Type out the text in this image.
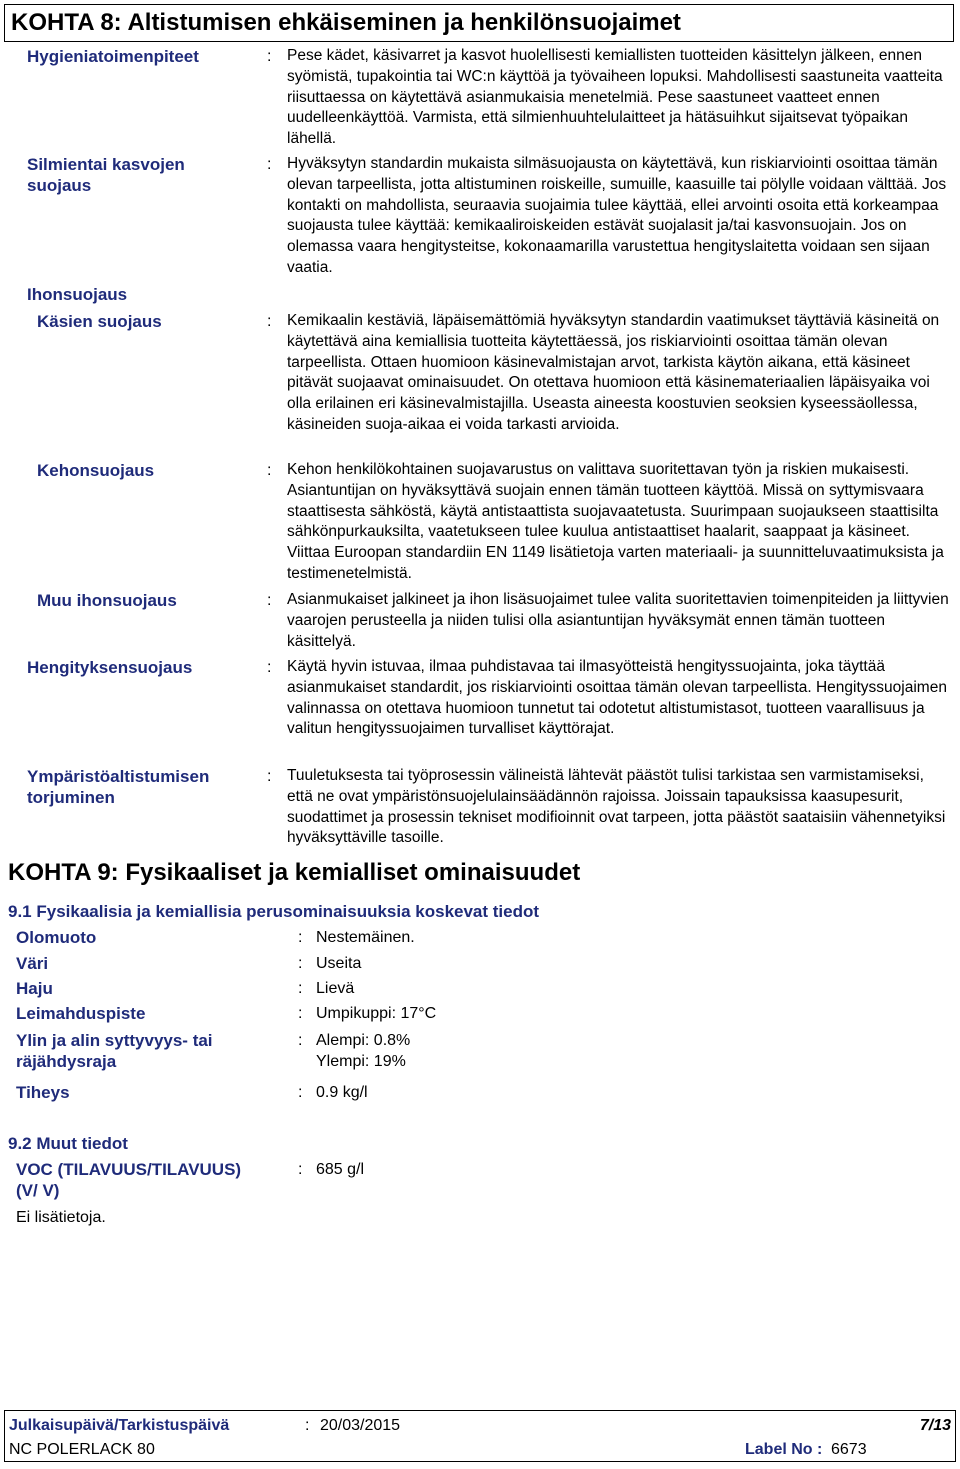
KOHTA 8: Altistumisen ehkäiseminen ja henkilönsuojaimet
Hygieniatoimenpiteet	: Pese kädet, käsivarret ja kasvot huolellisesti kemiallisten tuotteiden käsittelyn jälkeen, ennen syömistä, tupakointia tai WC:n käyttöä ja työvaiheen lopuksi. Mahdollisesti saastuneita vaatteita riisuttaessa on käytettävä asianmukaisia menetelmiä. Pese saastuneet vaatteet ennen uudelleenkäyttöä. Varmista, että silmienhuuhtelulaitteet ja hätäsuihkut sijaitsevat työpaikan lähellä.
Silmientai kasvojen suojaus
: Hyväksytyn standardin mukaista silmäsuojausta on käytettävä, kun riskiarviointi osoittaa tämän olevan tarpeellista, jotta altistuminen roiskeille, sumuille, kaasuille tai pölylle voidaan välttää. Jos kontakti on mahdollista, seuraavia suojaimia tulee käyttää, ellei arvointi osoita että korkeampaa suojausta tulee käyttää: kemikaaliroiskeiden estävät suojalasit ja/tai kasvonsuojain. Jos on olemassa vaara hengitysteitse, kokonaamarilla varustettua hengityslaitetta voidaan sen sijaan vaatia.
Ihonsuojaus
Käsien suojaus	: Kemikaalin kestäviä, läpäisemättömiä hyväksytyn standardin vaatimukset täyttäviä käsineitä on käytettävä aina kemiallisia tuotteita käytettäessä, jos riskiarviointi osoittaa tämän olevan tarpeellista. Ottaen huomioon käsinevalmistajan arvot, tarkista käytön aikana, että käsineet pitävät suojaavat ominaisuudet. On otettava huomioon että käsinemateriaalien läpäisyaika voi olla erilainen eri käsinevalmistajilla. Useasta aineesta koostuvien seoksien kyseessäollessa, käsineiden suoja-aikaa ei voida tarkasti arvioida.
Kehonsuojaus	: Kehon henkilökohtainen suojavarustus on valittava suoritettavan työn ja riskien mukaisesti. Asiantuntijan on hyväksyttävä suojain ennen tämän tuotteen käyttöä. Missä on syttymisvaara staattisesta sähköstä, käytä antistaattista suojavaatetusta. Suurimpaan suojaukseen staattisilta sähkönpurkauksilta, vaatetukseen tulee kuulua antistaattiset haalarit, saappaat ja käsineet. Viittaa Euroopan standardiin EN 1149 lisätietoja varten materiaali- ja suunnitteluvaatimuksista ja testimenetelmistä.
Muu ihonsuojaus	: Asianmukaiset jalkineet ja ihon lisäsuojaimet tulee valita suoritettavien toimenpiteiden ja liittyvien vaarojen perusteella ja niiden tulisi olla asiantuntijan hyväksymät ennen tämän tuotteen käsittelyä.
Hengityksensuojaus	: Käytä hyvin istuvaa, ilmaa puhdistavaa tai ilmasyötteistä hengityssuojainta, joka täyttää asianmukaiset standardit, jos riskiarviointi osoittaa tämän olevan tarpeellista. Hengityssuojaimen valinnassa on otettava huomioon tunnetut tai odotetut altistumistasot, tuotteen vaarallisuus ja valitun hengityssuojaimen turvalliset käyttörajat.
Ympäristöaltistumisen torjuminen
: Tuuletuksesta tai työprosessin välineistä lähtevät päästöt tulisi tarkistaa sen varmistamiseksi, että ne ovat ympäristönsuojelulainsäädännön rajoissa. Joissain tapauksissa kaasupesurit, suodattimet ja prosessin tekniset modifioinnit ovat tarpeen, jotta päästöt saataisiin vähennetyiksi hyväksyttäville tasoille.
KOHTA 9: Fysikaaliset ja kemialliset ominaisuudet
9.1 Fysikaalisia ja kemiallisia perusominaisuuksia koskevat tiedot
Olomuoto	: Nestemäinen.
Väri	: Useita
Haju	: Lievä
Leimahduspiste	: Umpikuppi: 17°C
Ylin ja alin syttyvyys- tai räjähdysraja
: Alempi: 0.8%
Ylempi: 19%
Tiheys	: 0.9 kg/l
9.2 Muut tiedot
VOC (TILAVUUS/TILAVUUS) (V/ V)
: 685 g/l
Ei lisätietoja.
Julkaisupäivä/Tarkistuspäivä	: 20/03/2015	7/13
NC POLERLACK 80	Label No : 6673
